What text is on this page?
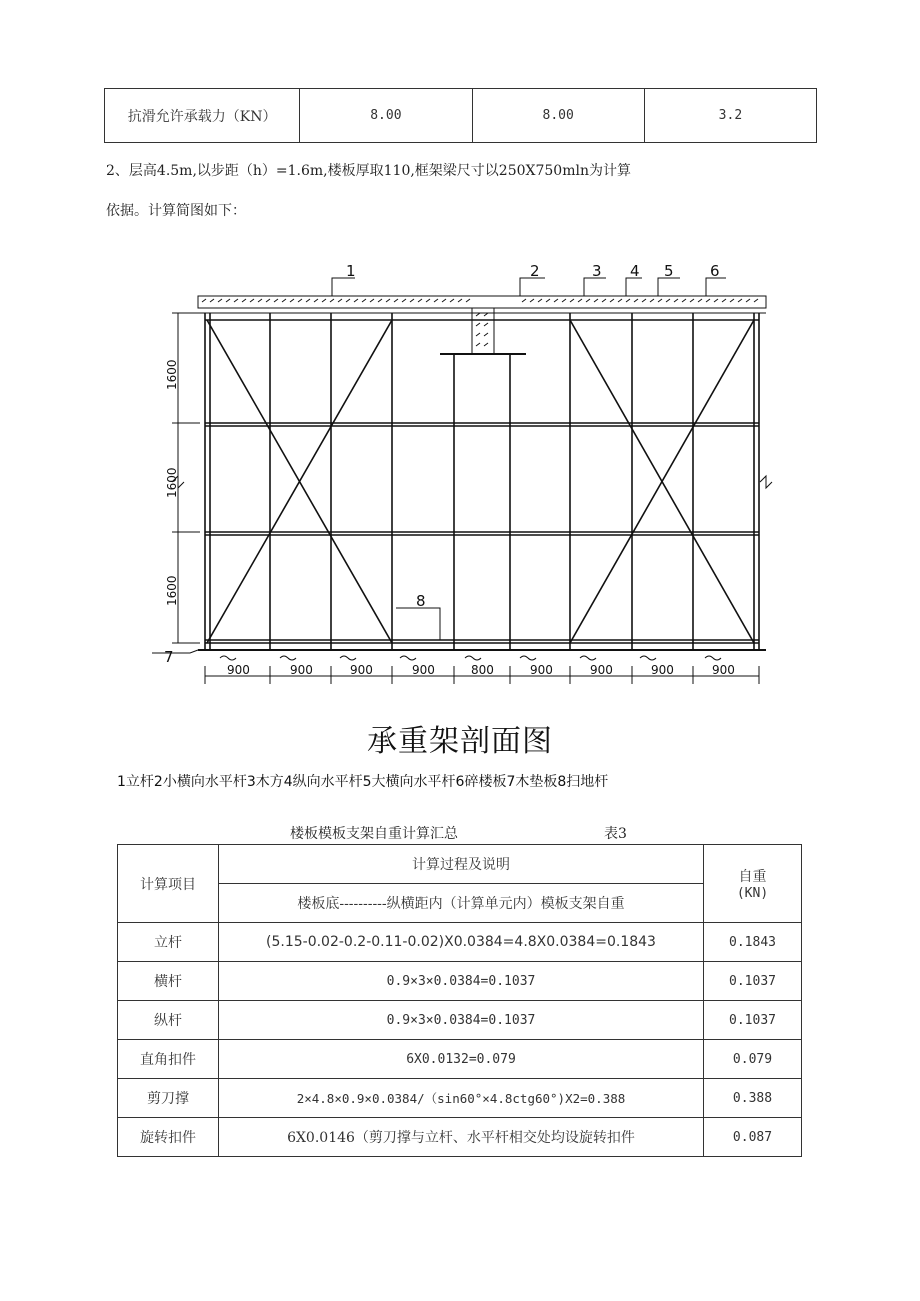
抗滑允许承载力（KN）	8.00	8.00	3.2
2、层高4.5m,以步距（h）=1.6m,楼板厚取110,框架梁尺寸以250X750mln为计算
依据。计算简图如下：
1	2	3 4 5 6
7
8
1600
1600
1600
900	900	900	900	800	900	900	900	900
承重架剖面图
1立杆2小横向水平杆3木方4纵向水平杆5大横向水平杆6碎楼板7木垫板8扫地杆
楼板模板支架自重计算汇总	表3
计算项目	计算过程及说明	自重
(KN)

	楼板底----------纵横距内（计算单元内）模板支架自重	
立杆	(5.15-0.02-0.2-0.11-0.02)X0.0384=4.8X0.0384=0.1843	0.1843
横杆	0.9×3×0.0384=0.1037	0.1037
纵杆	0.9×3×0.0384=0.1037	0.1037
直角扣件	6X0.0132=0.079	0.079
剪刀撑	2×4.8×0.9×0.0384/（sin60°×4.8ctg60°)X2=0.388	0.388
旋转扣件	6X0.0146（剪刀撑与立杆、水平杆相交处均设旋转扣件	0.087
